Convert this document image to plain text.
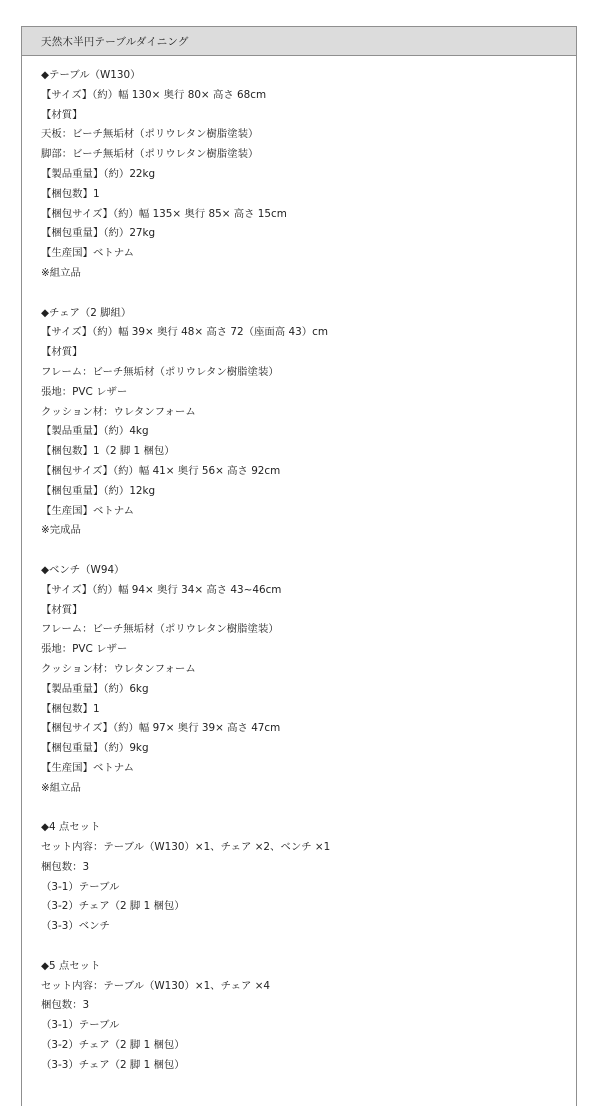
天然木半円テーブルダイニング
◆テーブル（W130）
【サイズ】（約）幅 130× 奥行 80× 高さ 68cm
【材質】
天板：ビーチ無垢材（ポリウレタン樹脂塗装）
脚部：ビーチ無垢材（ポリウレタン樹脂塗装）
【製品重量】（約）22kg
【梱包数】1
【梱包サイズ】（約）幅 135× 奥行 85× 高さ 15cm
【梱包重量】（約）27kg
【生産国】ベトナム
※組立品
◆チェア（2 脚組）
【サイズ】（約）幅 39× 奥行 48× 高さ 72（座面高 43）cm
【材質】
フレーム：ビーチ無垢材（ポリウレタン樹脂塗装）
張地：PVC レザー
クッション材：ウレタンフォーム
【製品重量】（約）4kg
【梱包数】1（2 脚 1 梱包）
【梱包サイズ】（約）幅 41× 奥行 56× 高さ 92cm
【梱包重量】（約）12kg
【生産国】ベトナム
※完成品
◆ベンチ（W94）
【サイズ】（約）幅 94× 奥行 34× 高さ 43~46cm
【材質】
フレーム：ビーチ無垢材（ポリウレタン樹脂塗装）
張地：PVC レザー
クッション材：ウレタンフォーム
【製品重量】（約）6kg
【梱包数】1
【梱包サイズ】（約）幅 97× 奥行 39× 高さ 47cm
【梱包重量】（約）9kg
【生産国】ベトナム
※組立品
◆4 点セット
セット内容：テーブル（W130）×1、チェア ×2、ベンチ ×1
梱包数：3
（3-1）テーブル
（3-2）チェア（2 脚 1 梱包）
（3-3）ベンチ
◆5 点セット
セット内容：テーブル（W130）×1、チェア ×4
梱包数：3
（3-1）テーブル
（3-2）チェア（2 脚 1 梱包）
（3-3）チェア（2 脚 1 梱包）
